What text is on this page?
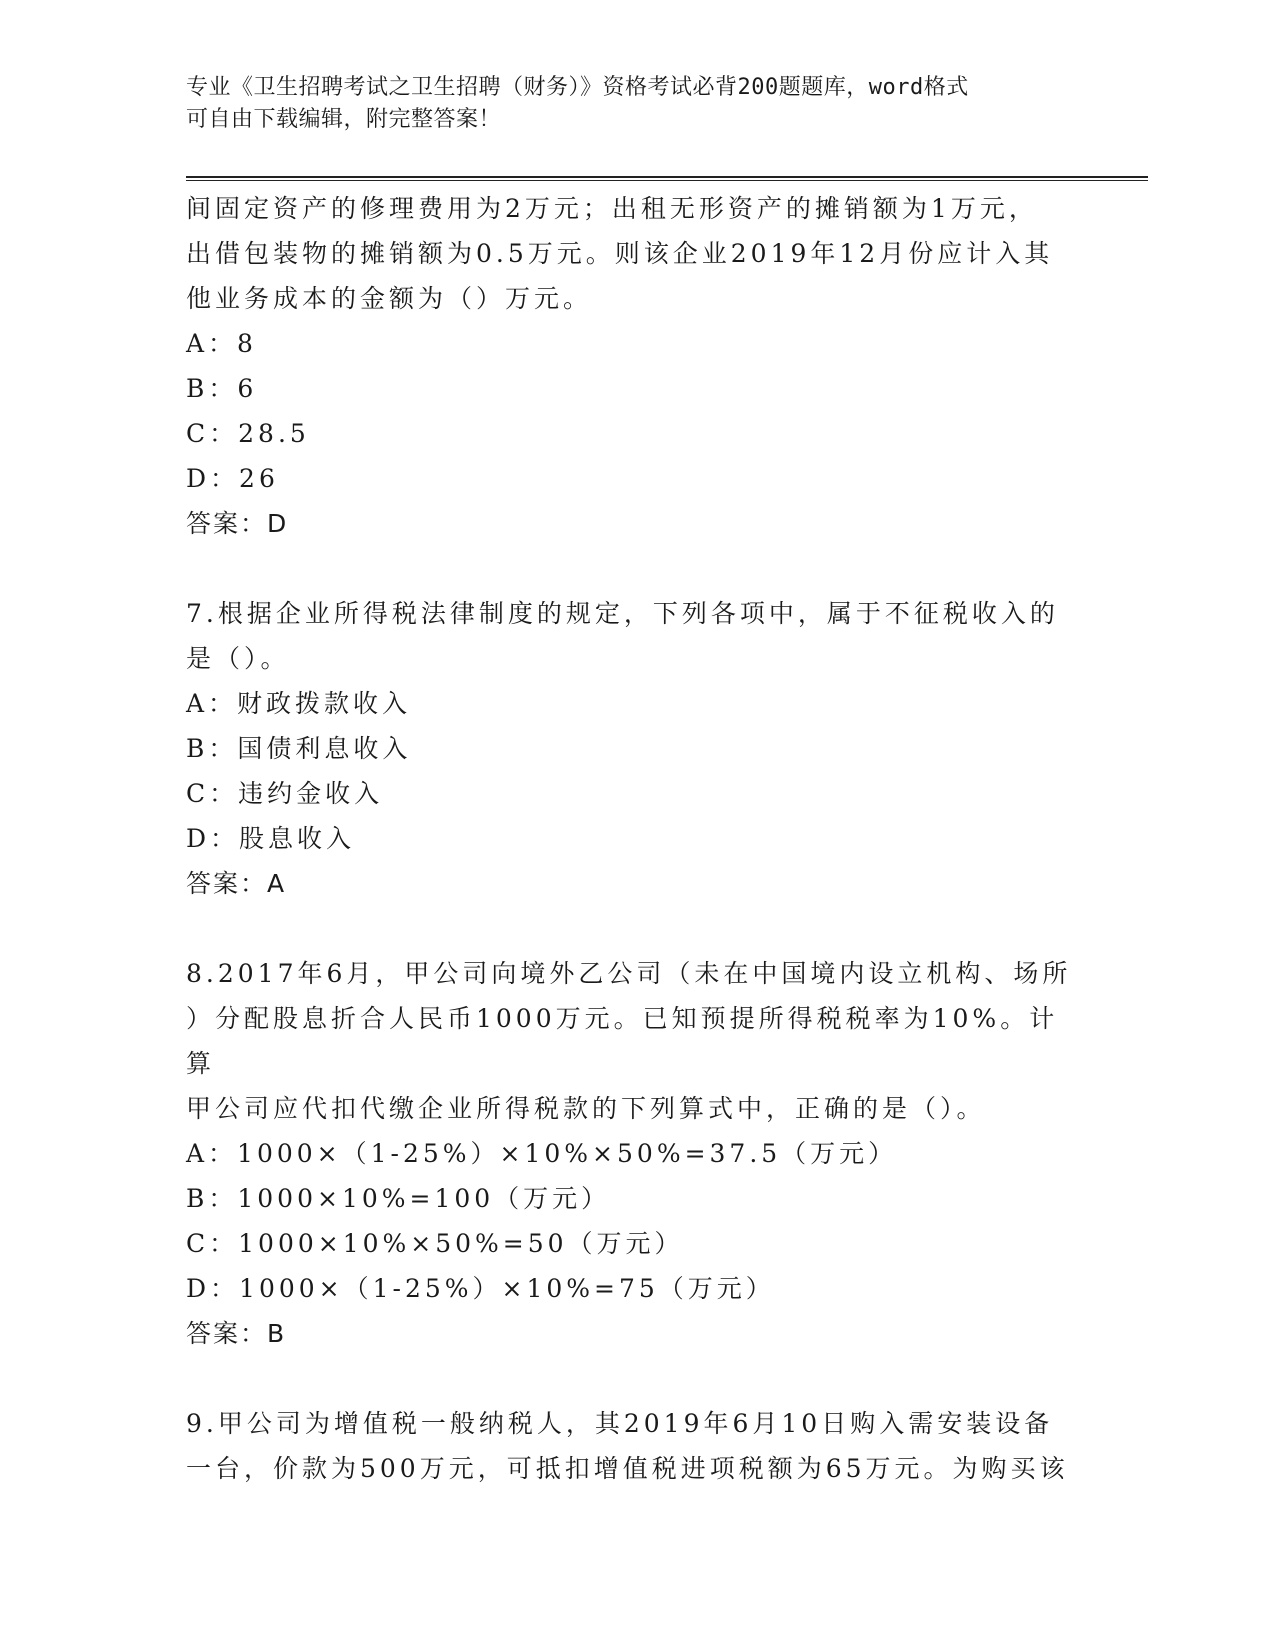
专业《卫生招聘考试之卫生招聘（财务）》资格考试必背200题题库，word格式
可自由下载编辑，附完整答案！

间固定资产的修理费用为2万元；出租无形资产的摊销额为1万元，

出借包装物的摊销额为0.5万元。则该企业2019年12月份应计入其

他业务成本的金额为（）万元。

A：8

B：6

C：28.5

D：26

答案：D

7.根据企业所得税法律制度的规定，下列各项中，属于不征税收入的

是（）。

A：财政拨款收入

B：国债利息收入

C：违约金收入

D：股息收入

答案：A

8.2017年6月，甲公司向境外乙公司（未在中国境内设立机构、场所

）分配股息折合人民币1000万元。已知预提所得税税率为10%。计算

甲公司应代扣代缴企业所得税款的下列算式中，正确的是（）。

A：1000×（1-25%）×10%×50%=37.5（万元）

B：1000×10%=100（万元）

C：1000×10%×50%=50（万元）

D：1000×（1-25%）×10%=75（万元）

答案：B

9.甲公司为增值税一般纳税人，其2019年6月10日购入需安装设备

一台，价款为500万元，可抵扣增值税进项税额为65万元。为购买该
